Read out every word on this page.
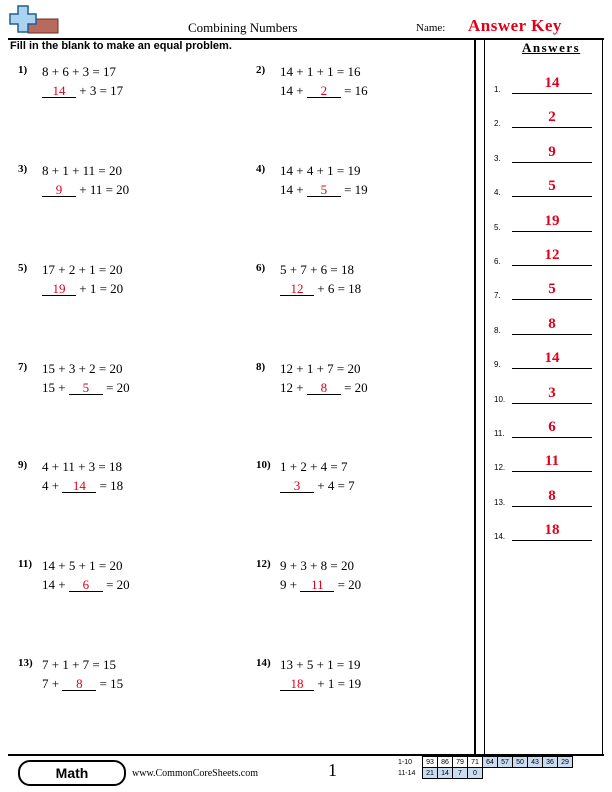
Combining Numbers	Name: Answer Key
Fill in the blank to make an equal problem.	Answers
1) 8 + 6 + 3 = 17
14 + 3 = 17
2) 14 + 1 + 1 = 16
14 + 2 = 16
3) 8 + 1 + 11 = 20
9 + 11 = 20
4) 14 + 4 + 1 = 19
14 + 5 = 19
5) 17 + 2 + 1 = 20
19 + 1 = 20
6) 5 + 7 + 6 = 18
12 + 6 = 18
7) 15 + 3 + 2 = 20
15 + 5 = 20
8) 12 + 1 + 7 = 20
12 + 8 = 20
9) 4 + 11 + 3 = 18
4 + 14 = 18
10) 1 + 2 + 4 = 7
3 + 4 = 7
11) 14 + 5 + 1 = 20
14 + 6 = 20
12) 9 + 3 + 8 = 20
9 + 11 = 20
13) 7 + 1 + 7 = 15
7 + 8 = 15
14) 13 + 5 + 1 = 19
18 + 1 = 19
1.	14
2.	2
3.	9
4.	5
5.	19
6.	12
7.	5
8.	8
9.	14
10.	3
11.	6
12.	11
13.	8
14.	18
Math	www.CommonCoreSheets.com	1	1-10	93	86	79	71	64	57	50	43	36	29
11-14	21	14	7	0						
